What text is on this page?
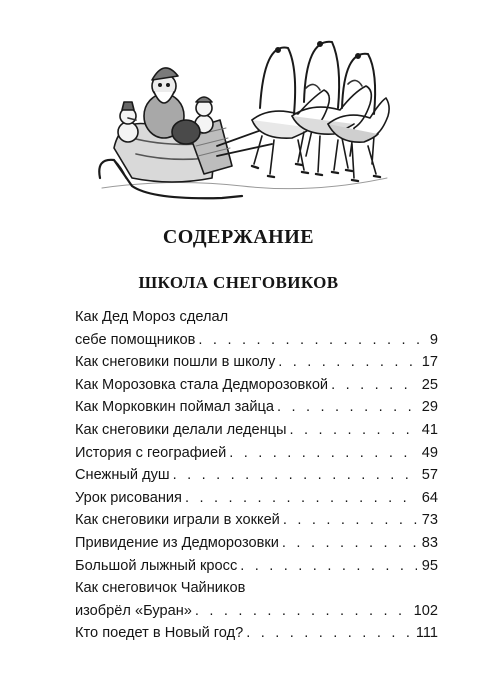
СОДЕРЖАНИЕ
ШКОЛА СНЕГОВИКОВ
Как Дед Мороз сделал
себе помощников . . .	9
Как снеговики пошли в школу . . .	17
Как Морозовка стала Дедморозовкой . . .	25
Как Морковкин поймал зайца . . .	29
Как снеговики делали леденцы . . .	41
История с географией . . .	49
Снежный душ . . .	57
Урок рисования . . .	64
Как снеговики играли в хоккей . . .	73
Привидение из Дедморозовки . . .	83
Большой лыжный кросс . . .	95
Как снеговичок Чайников
изобрёл «Буран» . . .	102
Кто поедет в Новый год? . . .	111
